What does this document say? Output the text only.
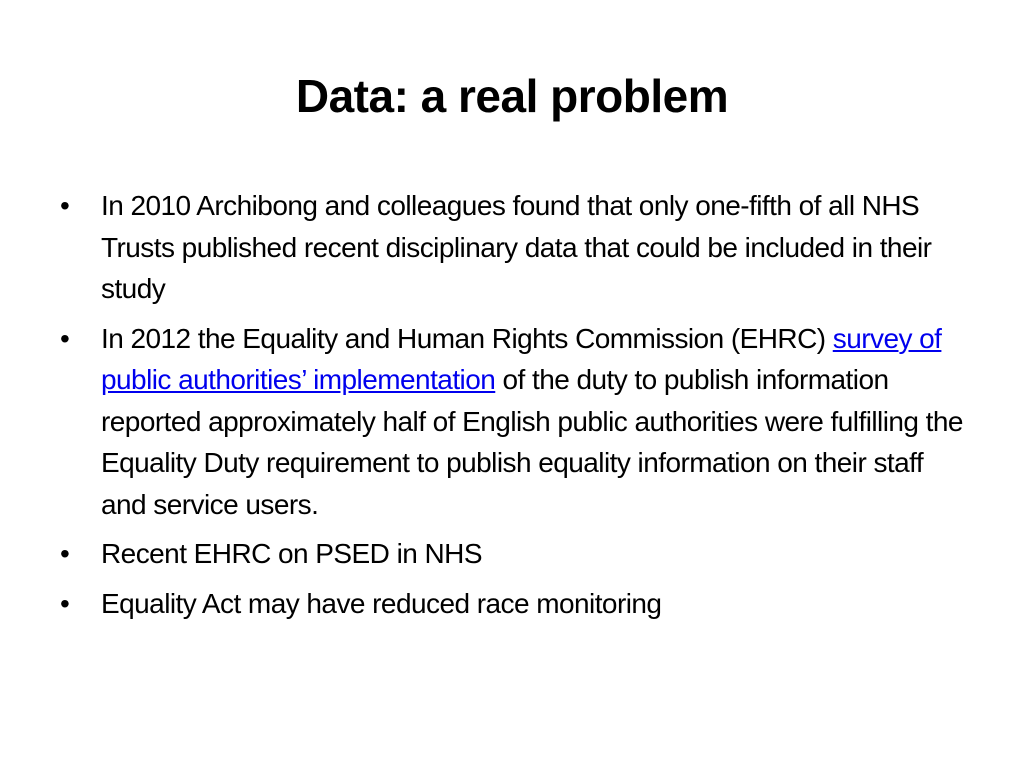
Data: a real problem
• In 2010 Archibong and colleagues found that only one-fifth of all NHS Trusts published recent disciplinary data that could be included in their study
• In 2012 the Equality and Human Rights Commission (EHRC) survey of public authorities’ implementation of the duty to publish information reported approximately half of English public authorities were fulfilling the Equality Duty requirement to publish equality information on their staff and service users.
• Recent EHRC on PSED in NHS
• Equality Act may have reduced race monitoring
